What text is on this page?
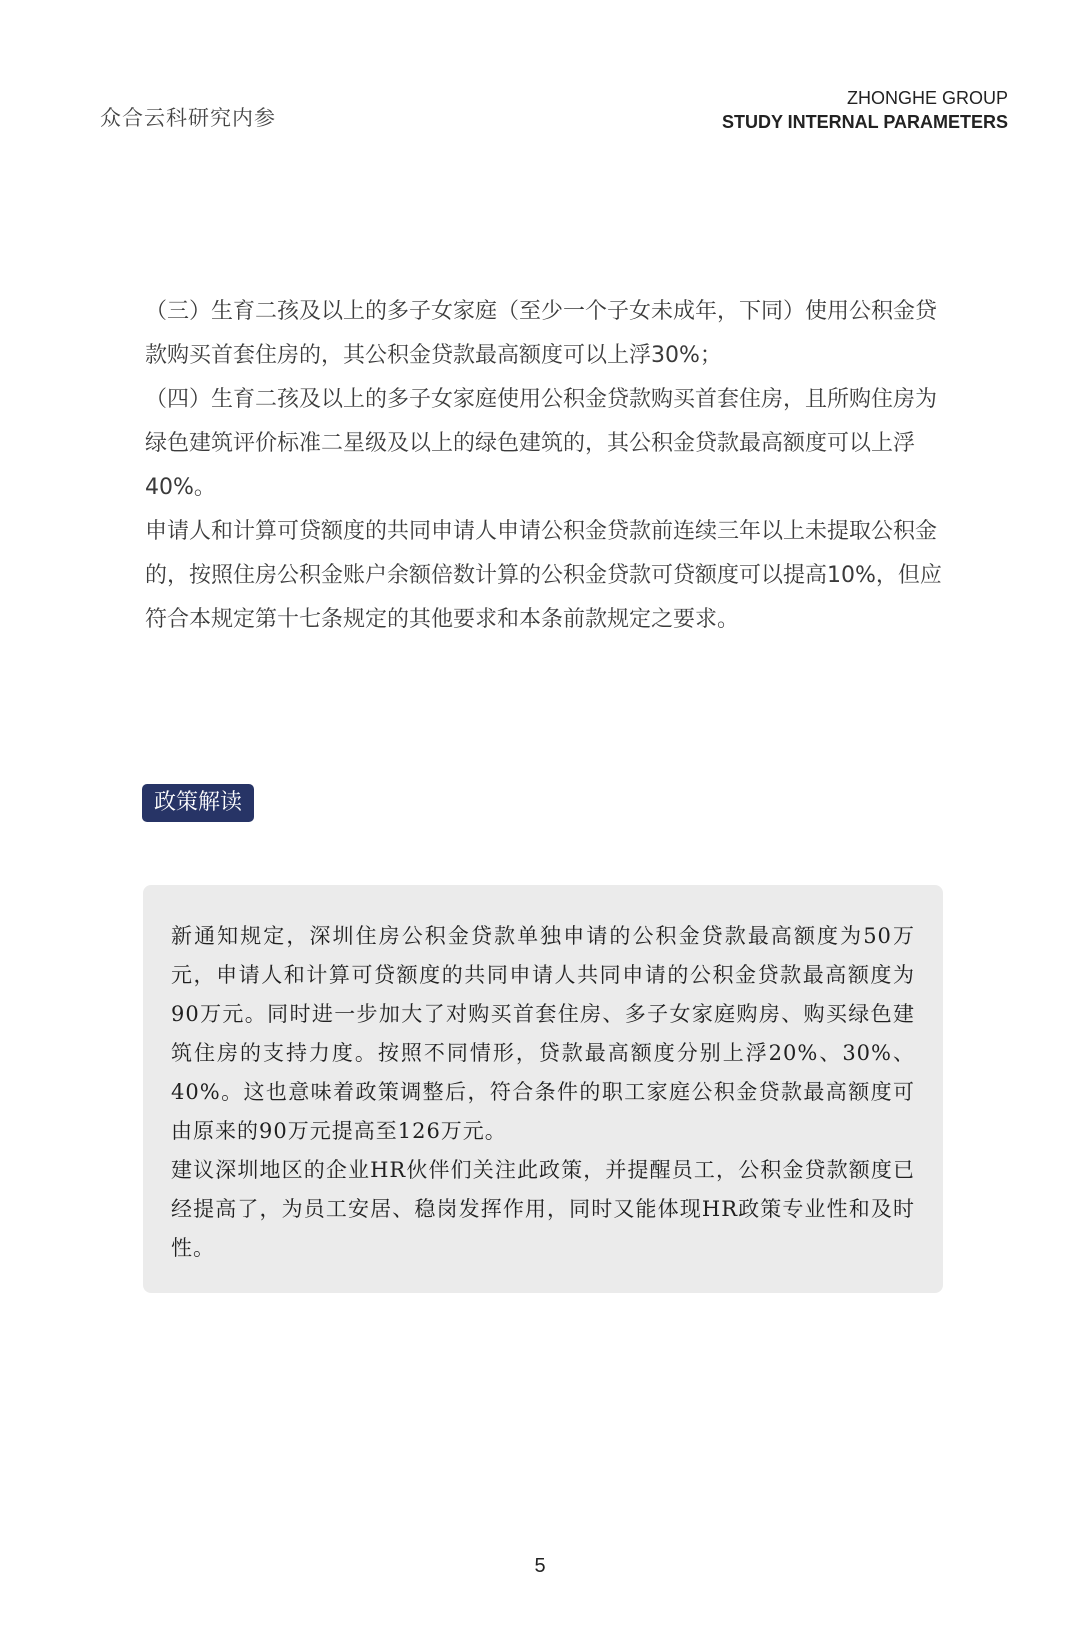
众合云科研究内参
ZHONGHE GROUP
STUDY INTERNAL PARAMETERS

（三）生育二孩及以上的多子女家庭（至少一个子女未成年，下同）使用公积金贷款购买首套住房的，其公积金贷款最高额度可以上浮30%；

（四）生育二孩及以上的多子女家庭使用公积金贷款购买首套住房，且所购住房为绿色建筑评价标准二星级及以上的绿色建筑的，其公积金贷款最高额度可以上浮40%。

申请人和计算可贷额度的共同申请人申请公积金贷款前连续三年以上未提取公积金的，按照住房公积金账户余额倍数计算的公积金贷款可贷额度可以提高10%，但应符合本规定第十七条规定的其他要求和本条前款规定之要求。

政策解读

新通知规定，深圳住房公积金贷款单独申请的公积金贷款最高额度为50万元，申请人和计算可贷额度的共同申请人共同申请的公积金贷款最高额度为90万元。同时进一步加大了对购买首套住房、多子女家庭购房、购买绿色建筑住房的支持力度。按照不同情形，贷款最高额度分别上浮20%、30%、40%。这也意味着政策调整后，符合条件的职工家庭公积金贷款最高额度可由原来的90万元提高至126万元。

建议深圳地区的企业HR伙伴们关注此政策，并提醒员工，公积金贷款额度已经提高了，为员工安居、稳岗发挥作用，同时又能体现HR政策专业性和及时性。

5
